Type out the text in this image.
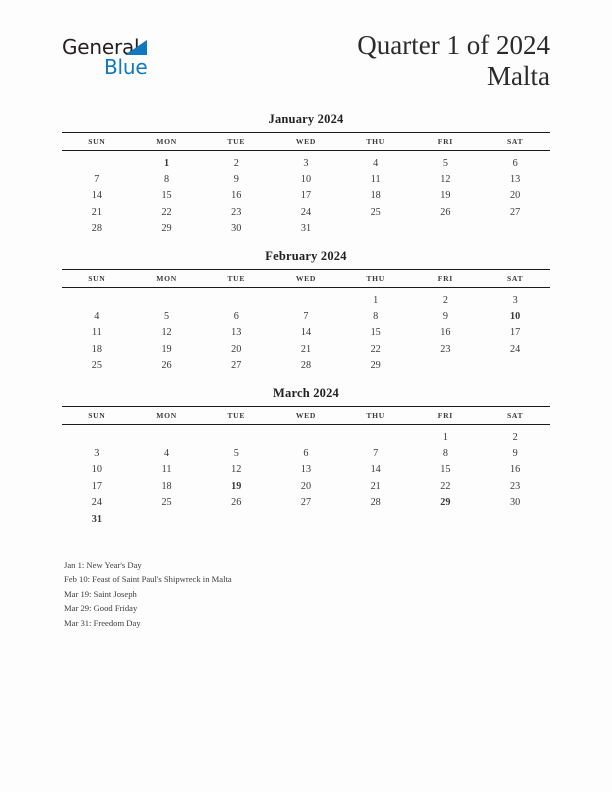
General
Blue
Quarter 1 of 2024
Malta
January 2024
SUN	MON	TUE	WED	THU	FRI	SAT
	1	2	3	4	5	6
7	8	9	10	11	12	13
14	15	16	17	18	19	20
21	22	23	24	25	26	27
28	29	30	31			
February 2024
SUN	MON	TUE	WED	THU	FRI	SAT
				1	2	3
4	5	6	7	8	9	10
11	12	13	14	15	16	17
18	19	20	21	22	23	24
25	26	27	28	29		
March 2024
SUN	MON	TUE	WED	THU	FRI	SAT
					1	2
3	4	5	6	7	8	9
10	11	12	13	14	15	16
17	18	19	20	21	22	23
24	25	26	27	28	29	30
31						
Jan 1: New Year's Day
Feb 10: Feast of Saint Paul's Shipwreck in Malta
Mar 19: Saint Joseph
Mar 29: Good Friday
Mar 31: Freedom Day
